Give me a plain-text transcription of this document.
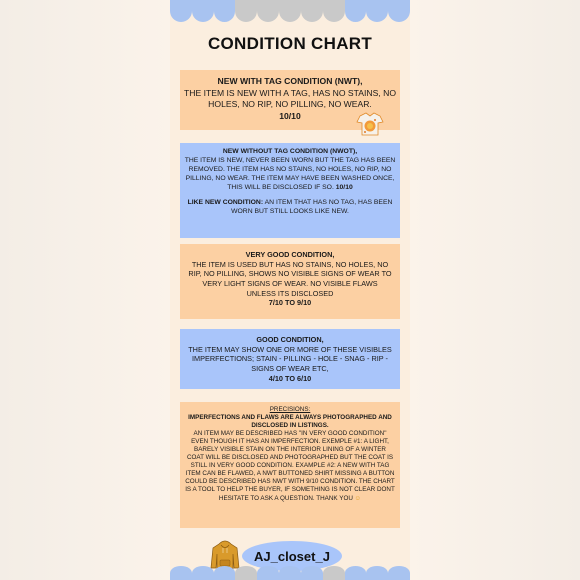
CONDITION CHART
NEW WITH TAG CONDITION (NWT),
THE ITEM IS NEW WITH A TAG, HAS NO STAINS, NO HOLES, NO RIP, NO PILLING, NO WEAR.
10/10
NEW WITHOUT TAG CONDITION (NWOT),
THE ITEM IS NEW, NEVER BEEN WORN BUT THE TAG HAS BEEN REMOVED. THE ITEM HAS NO STAINS, NO HOLES, NO RIP, NO PILLING, NO WEAR. THE ITEM MAY HAVE BEEN WASHED ONCE, THIS WILL BE DISCLOSED IF SO. 10/10
LIKE NEW CONDITION: AN ITEM THAT HAS NO TAG, HAS BEEN WORN BUT STILL LOOKS LIKE NEW.
VERY GOOD CONDITION,
THE ITEM IS USED BUT HAS NO STAINS, NO HOLES, NO RIP, NO PILLING, SHOWS NO VISIBLE SIGNS OF WEAR TO VERY LIGHT SIGNS OF WEAR. NO VISIBLE FLAWS UNLESS ITS DISCLOSED
7/10 TO 9/10
GOOD CONDITION,
THE ITEM MAY SHOW ONE OR MORE OF THESE VISIBLES IMPERFECTIONS; STAIN - PILLING - HOLE - SNAG - RIP - SIGNS OF WEAR ETC,
4/10 TO 6/10
PRECISIONS:
IMPERFECTIONS AND FLAWS ARE ALWAYS PHOTOGRAPHED AND DISCLOSED IN LISTINGS.
AN ITEM MAY BE DESCRIBED HAS "IN VERY GOOD CONDITION" EVEN THOUGH IT HAS AN IMPERFECTION. EXEMPLE #1: A LIGHT, BARELY VISIBLE STAIN ON THE INTERIOR LINING OF A WINTER COAT WILL BE DISCLOSED AND PHOTOGRAPHED BUT THE COAT IS STILL IN VERY GOOD CONDITION. EXAMPLE #2: A NEW WITH TAG ITEM CAN BE FLAWED, A NWT BUTTONED SHIRT MISSING A BUTTON COULD BE DESCRIBED HAS NWT WITH 9/10 CONDITION. THE CHART IS A TOOL TO HELP THE BUYER, IF SOMETHING IS NOT CLEAR DONT HESITATE TO ASK A QUESTION. THANK YOU ☺
AJ_closet_J
